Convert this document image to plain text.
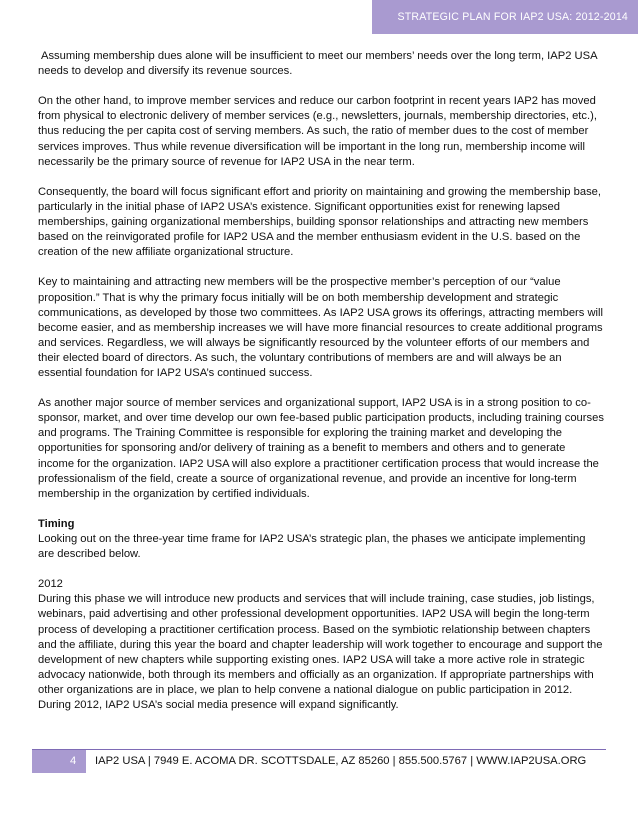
STRATEGIC PLAN FOR IAP2 USA: 2012-2014

Assuming membership dues alone will be insufficient to meet our members’ needs over the long term, IAP2 USA needs to develop and diversify its revenue sources.

On the other hand, to improve member services and reduce our carbon footprint in recent years IAP2 has moved from physical to electronic delivery of member services (e.g., newsletters, journals, membership directories, etc.), thus reducing the per capita cost of serving members. As such, the ratio of member dues to the cost of member services improves. Thus while revenue diversification will be important in the long run, membership income will necessarily be the primary source of revenue for IAP2 USA in the near term.

Consequently, the board will focus significant effort and priority on maintaining and growing the membership base, particularly in the initial phase of IAP2 USA’s existence. Significant opportunities exist for renewing lapsed memberships, gaining organizational memberships, building sponsor relationships and attracting new members based on the reinvigorated profile for IAP2 USA and the member enthusiasm evident in the U.S. based on the creation of the new affiliate organizational structure.

Key to maintaining and attracting new members will be the prospective member’s perception of our “value proposition.” That is why the primary focus initially will be on both membership development and strategic communications, as developed by those two committees. As IAP2 USA grows its offerings, attracting members will become easier, and as membership increases we will have more financial resources to create additional programs and services. Regardless, we will always be significantly resourced by the volunteer efforts of our members and their elected board of directors. As such, the voluntary contributions of members are and will always be an essential foundation for IAP2 USA’s continued success.

As another major source of member services and organizational support, IAP2 USA is in a strong position to co-sponsor, market, and over time develop our own fee-based public participation products, including training courses and programs. The Training Committee is responsible for exploring the training market and developing the opportunities for sponsoring and/or delivery of training as a benefit to members and others and to generate income for the organization. IAP2 USA will also explore a practitioner certification process that would increase the professionalism of the field, create a source of organizational revenue, and provide an incentive for long-term membership in the organization by certified individuals.

Timing
Looking out on the three-year time frame for IAP2 USA’s strategic plan, the phases we anticipate implementing are described below.

2012
During this phase we will introduce new products and services that will include training, case studies, job listings, webinars, paid advertising and other professional development opportunities. IAP2 USA will begin the long-term process of developing a practitioner certification process. Based on the symbiotic relationship between chapters and the affiliate, during this year the board and chapter leadership will work together to encourage and support the development of new chapters while supporting existing ones. IAP2 USA will take a more active role in strategic advocacy nationwide, both through its members and officially as an organization. If appropriate partnerships with other organizations are in place, we plan to help convene a national dialogue on public participation in 2012. During 2012, IAP2 USA’s social media presence will expand significantly.

4 IAP2 USA | 7949 E. ACOMA DR. SCOTTSDALE, AZ 85260 | 855.500.5767 | WWW.IAP2USA.ORG
